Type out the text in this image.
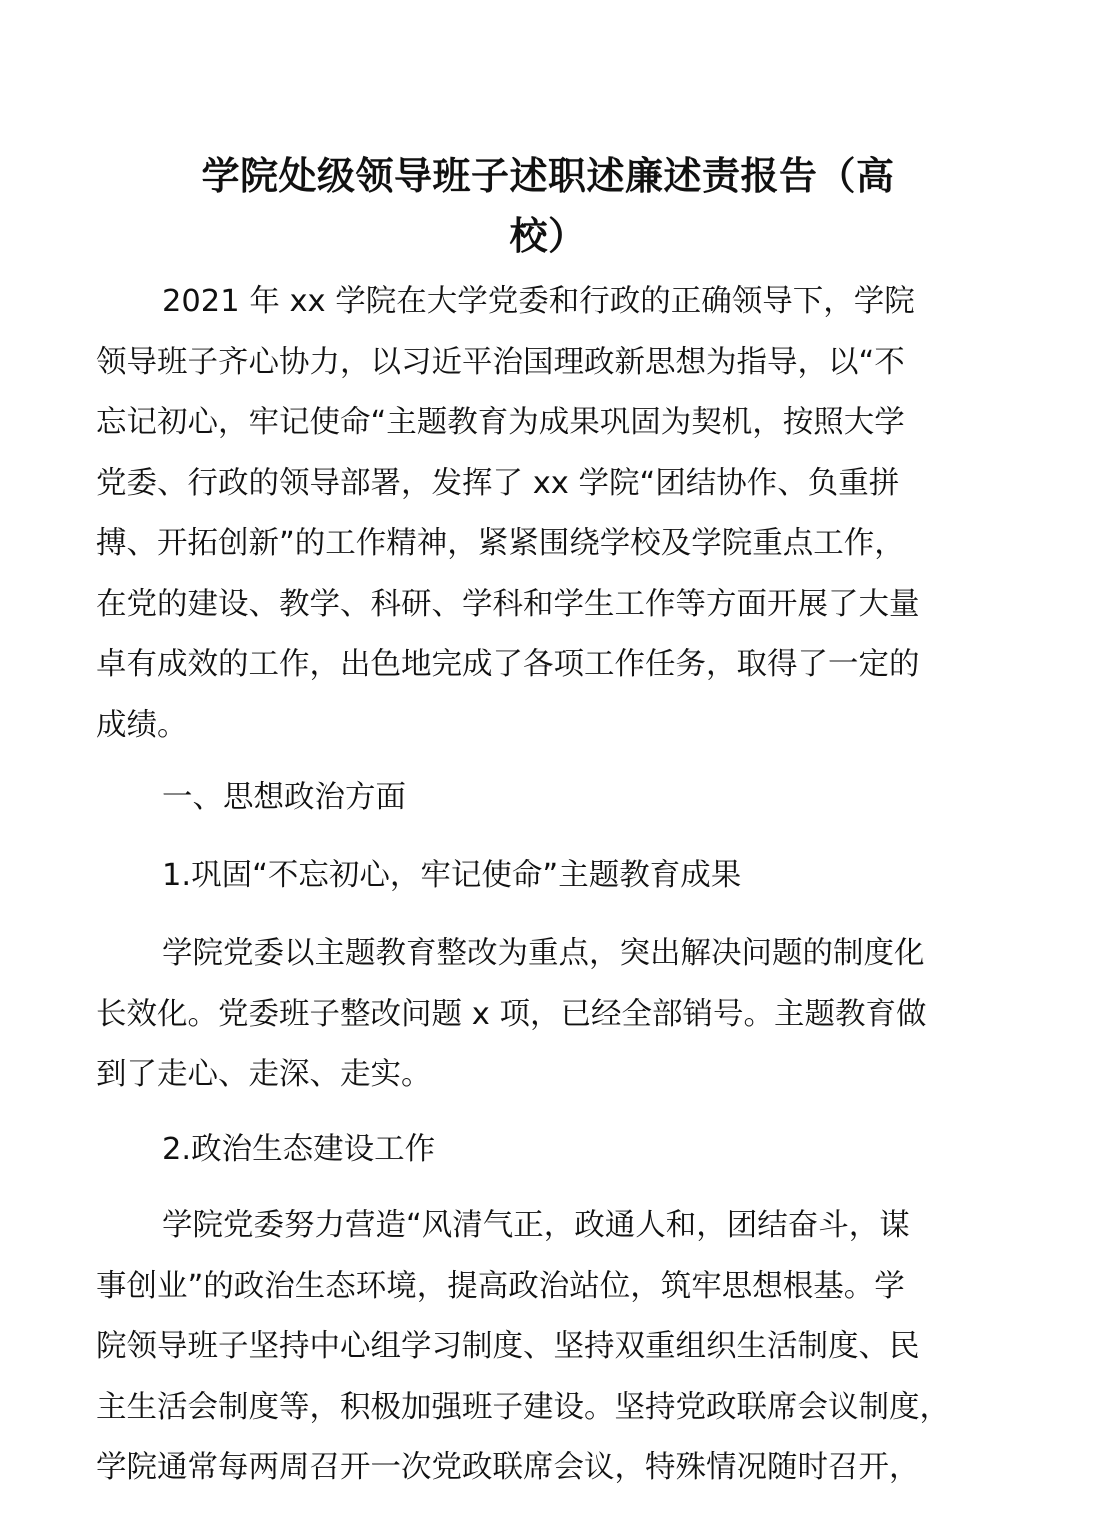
学院处级领导班子述职述廉述责报告（高
校）
2021 年 xx 学院在大学党委和行政的正确领导下，学院
领导班子齐心协力，以习近平治国理政新思想为指导，以“不
忘记初心，牢记使命“主题教育为成果巩固为契机，按照大学
党委、行政的领导部署，发挥了 xx 学院“团结协作、负重拼
搏、开拓创新”的工作精神，紧紧围绕学校及学院重点工作，
在党的建设、教学、科研、学科和学生工作等方面开展了大量
卓有成效的工作，出色地完成了各项工作任务，取得了一定的
成绩。
一、思想政治方面
1.巩固“不忘初心，牢记使命”主题教育成果
学院党委以主题教育整改为重点，突出解决问题的制度化
长效化。党委班子整改问题 x 项，已经全部销号。主题教育做
到了走心、走深、走实。
2.政治生态建设工作
学院党委努力营造“风清气正，政通人和，团结奋斗，谋
事创业”的政治生态环境，提高政治站位，筑牢思想根基。学
院领导班子坚持中心组学习制度、坚持双重组织生活制度、民
主生活会制度等，积极加强班子建设。坚持党政联席会议制度，
学院通常每两周召开一次党政联席会议，特殊情况随时召开，
